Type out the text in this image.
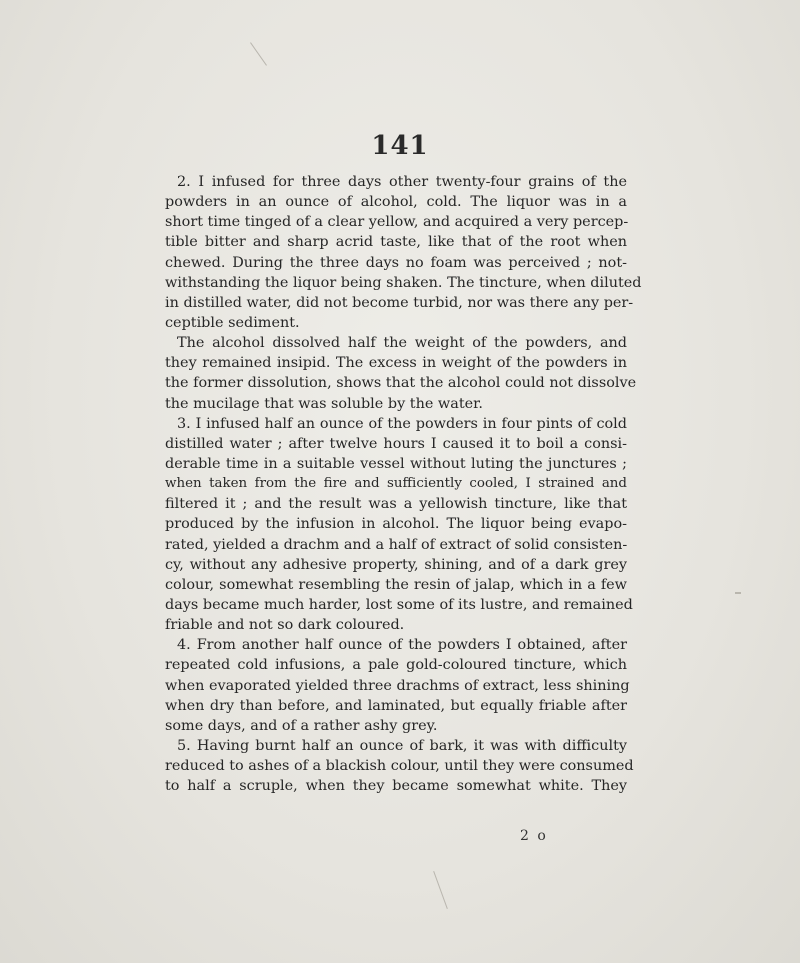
141
2. I infused for three days other twenty-four grains of the
powders in an ounce of alcohol, cold. The liquor was in a
short time tinged of a clear yellow, and acquired a very percep-
tible bitter and sharp acrid taste, like that of the root when
chewed. During the three days no foam was perceived ; not-
withstanding the liquor being shaken. The tincture, when diluted
in distilled water, did not become turbid, nor was there any per-
ceptible sediment.
The alcohol dissolved half the weight of the powders, and
they remained insipid. The excess in weight of the powders in
the former dissolution, shows that the alcohol could not dissolve
the mucilage that was soluble by the water.
3. I infused half an ounce of the powders in four pints of cold
distilled water ; after twelve hours I caused it to boil a consi-
derable time in a suitable vessel without luting the junctures ;
when taken from the fire and sufficiently cooled, I strained and
filtered it ; and the result was a yellowish tincture, like that
produced by the infusion in alcohol. The liquor being evapo-
rated, yielded a drachm and a half of extract of solid consisten-
cy, without any adhesive property, shining, and of a dark grey
colour, somewhat resembling the resin of jalap, which in a few
days became much harder, lost some of its lustre, and remained
friable and not so dark coloured.
4. From another half ounce of the powders I obtained, after
repeated cold infusions, a pale gold-coloured tincture, which
when evaporated yielded three drachms of extract, less shining
when dry than before, and laminated, but equally friable after
some days, and of a rather ashy grey.
5. Having burnt half an ounce of bark, it was with difficulty
reduced to ashes of a blackish colour, until they were consumed
to half a scruple, when they became somewhat white. They
2 o
